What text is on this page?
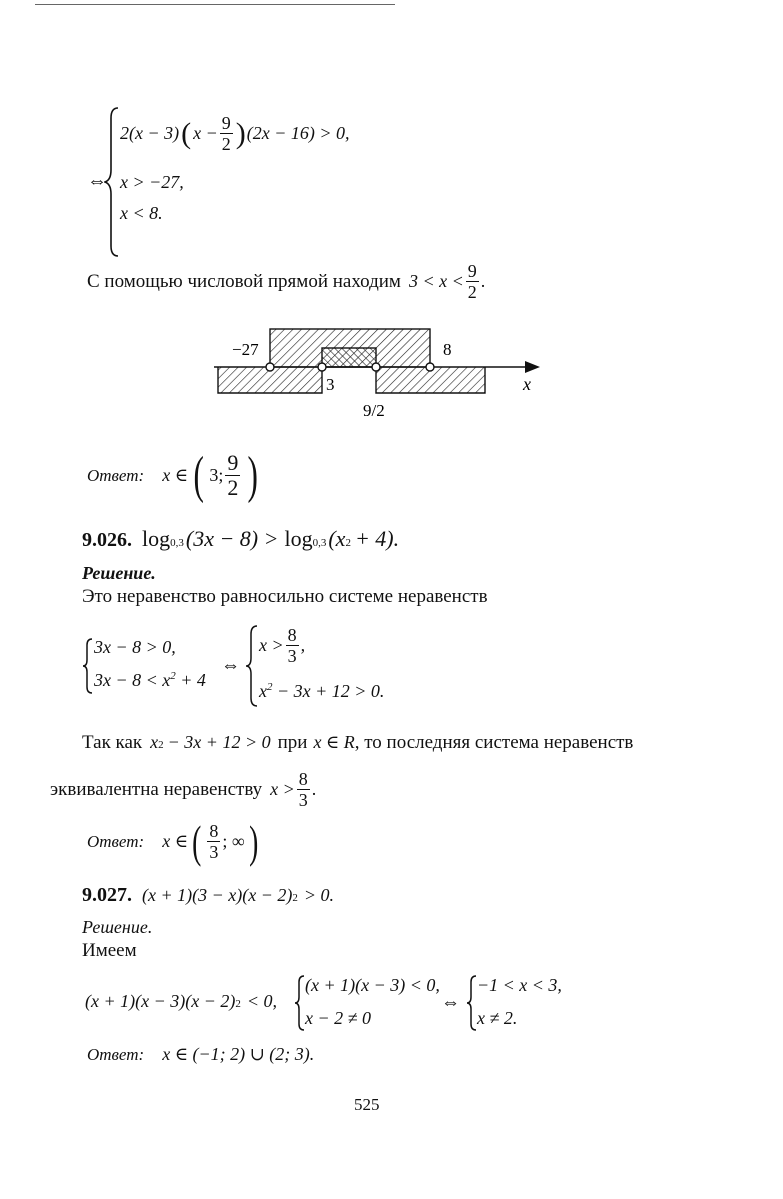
⇔
2(x − 3) ( $x - \frac{9}{2}$ ) (2x − 16) > 0,
x > −27,
x < 8.
С помощью числовой прямой находим $3 < x < \frac{9}{2}$ .
−27	8
3
9/2
x
Ответ: x ∈ ( 3; $\frac{9}{2}$ )
9.026. $\log_{0,3} (3x - 8) > \log_{0,3} (x_2 + 4)$.
Решение.
Это неравенство равносильно системе неравенств
3x − 8 > 0,
$3x - 8 < x^2 + 4$
⇔
$x > \frac{8}{3}$ ,
$x^2 - 3x + 12 > 0$.
Так как x 2 − 3x + 12 > 0 при x ∈ R , то последняя система неравенств
эквивалентна неравенству $x > \frac{8}{3}$ .
Ответ: x ∈ ( $\frac{8}{3}$ ; ∞ )
9.027. (x + 1)(3 − x)(x − 2) 2 > 0.
Решение.
Имеем
(x + 1)(x − 3)(x − 2) 2 < 0,
(x + 1)(x − 3) < 0,
x − 2 ≠ 0
⇔
−1 < x < 3,
x ≠ 2.
Ответ: x ∈ (−1; 2) ∪ (2; 3).
525
